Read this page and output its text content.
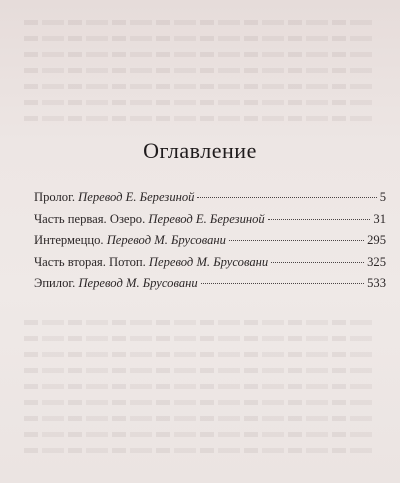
Оглавление
Пролог. Перевод Е. Березиной	5
Часть первая. Озеро. Перевод Е. Березиной	31
Интермеццо. Перевод М. Брусовани	295
Часть вторая. Потоп. Перевод М. Брусовани	325
Эпилог. Перевод М. Брусовани	533
